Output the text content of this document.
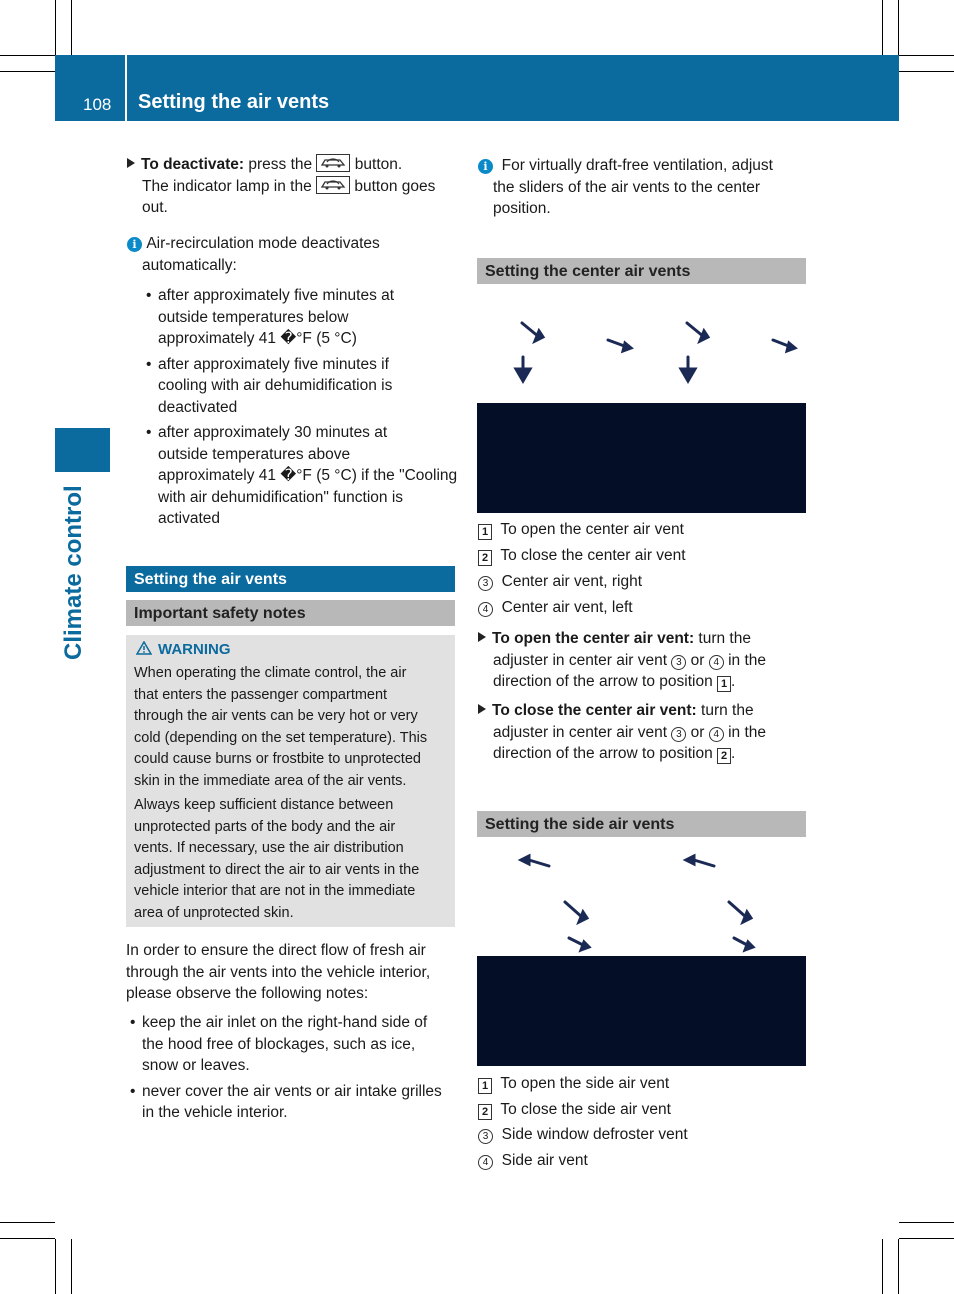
108 Setting the air vents
Climate control

To deactivate: press the	button.

The indicator lamp in the	button goes

out.

i Air-recirculation mode deactivates

automatically:

• after approximately five minutes at
outside temperatures below
approximately 41 �°F (5 °C)
• after approximately five minutes if
cooling with air dehumidification is
deactivated
• after approximately 30 minutes at
outside temperatures above
approximately 41 �°F (5 °C) if the "Cooling
with air dehumidification" function is
activated
Setting the air vents
Important safety notes
WARNING
When operating the climate control, the air
that enters the passenger compartment
through the air vents can be very hot or very
cold (depending on the set temperature). This
could cause burns or frostbite to unprotected
skin in the immediate area of the air vents.
Always keep sufficient distance between
unprotected parts of the body and the air
vents. If necessary, use the air distribution
adjustment to direct the air to air vents in the
vehicle interior that are not in the immediate
area of unprotected skin.
In order to ensure the direct flow of fresh air
through the air vents into the vehicle interior,
please observe the following notes:
• keep the air inlet on the right-hand side of
the hood free of blockages, such as ice,
snow or leaves.
• never cover the air vents or air intake grilles
in the vehicle interior.
i For virtually draft-free ventilation, adjust
the sliders of the air vents to the center
position.
Setting the center air vents
1 To open the center air vent
2 To close the center air vent
3 Center air vent, right
4 Center air vent, left
To open the center air vent: turn the
adjuster in center air vent 3 or 4 in the
direction of the arrow to position 1 .
To close the center air vent: turn the
adjuster in center air vent 3 or 4 in the
direction of the arrow to position 2 .
Setting the side air vents
1 To open the side air vent
2 To close the side air vent
3 Side window defroster vent
4 Side air vent
